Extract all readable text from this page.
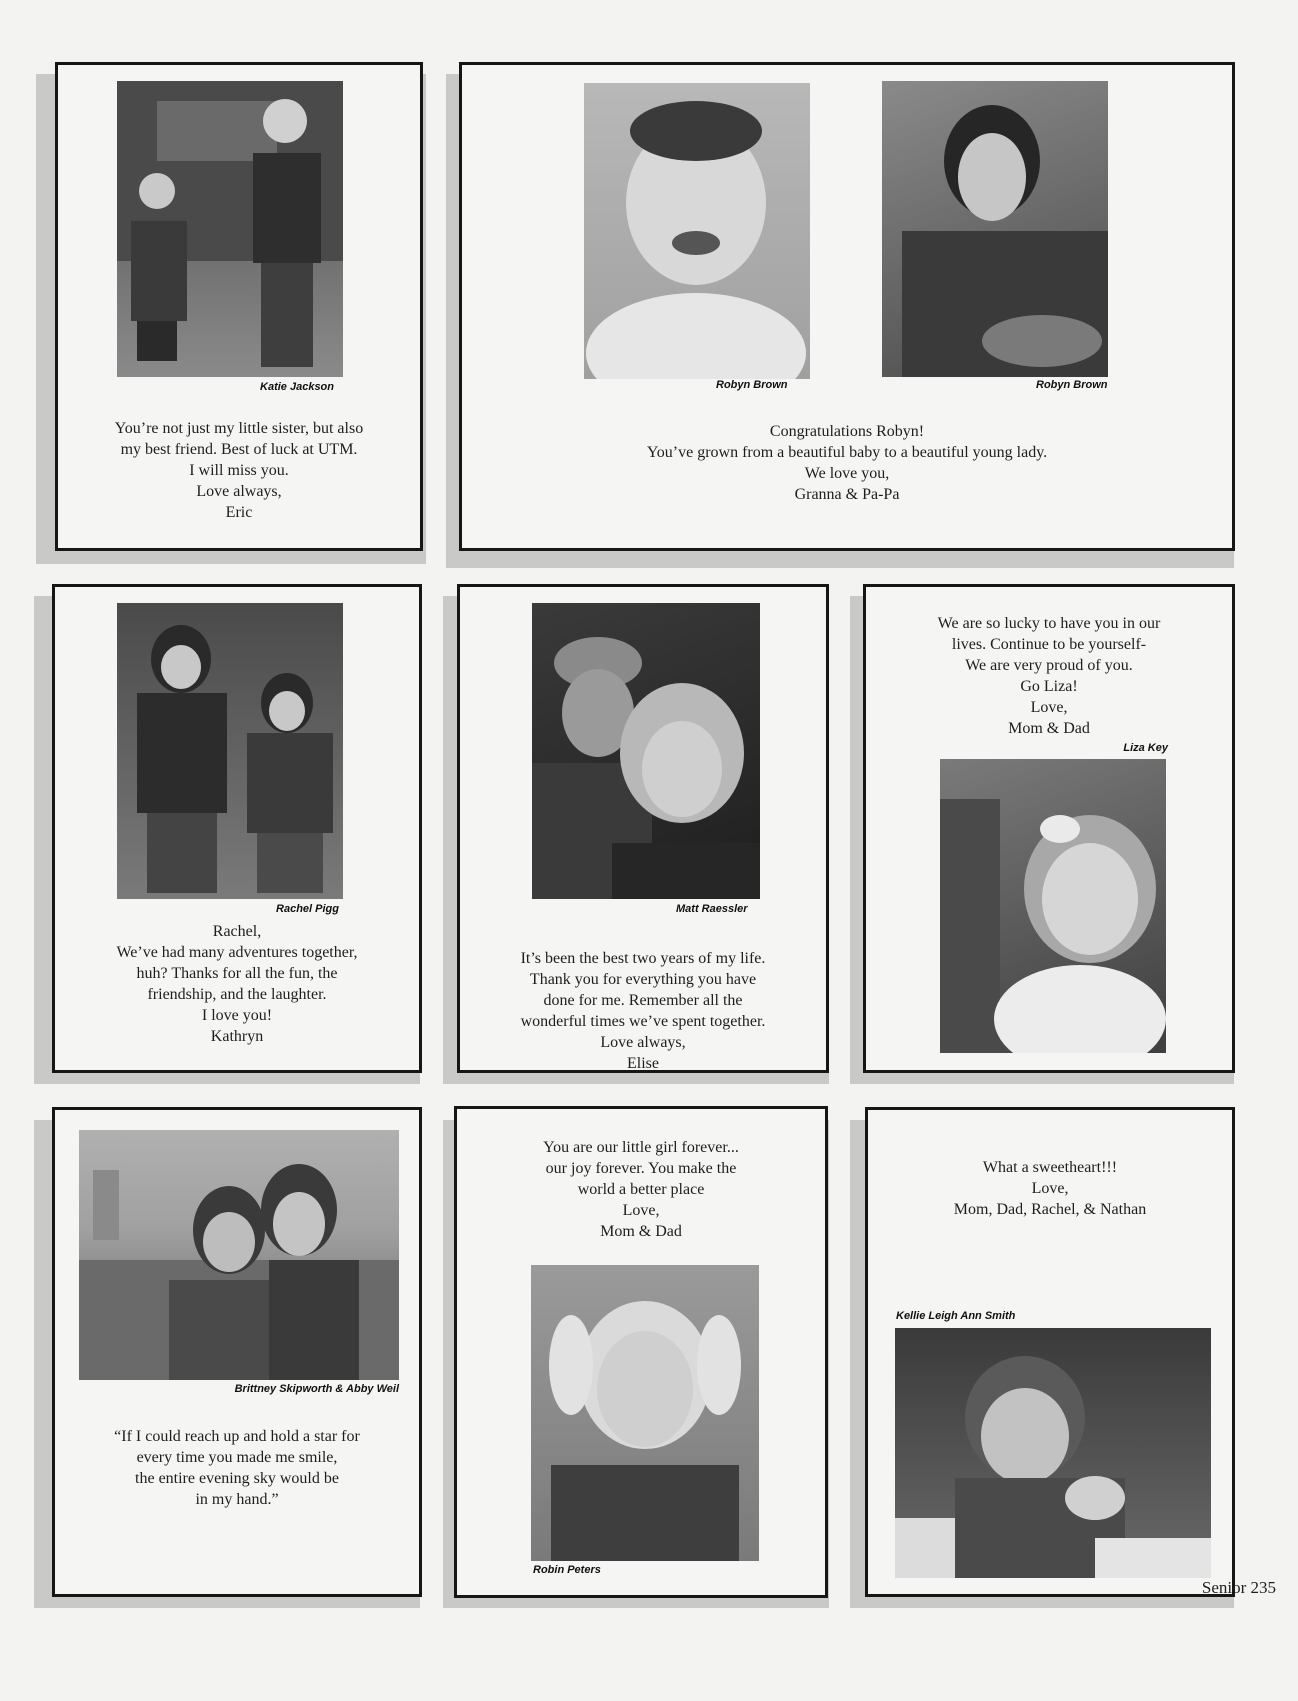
Katie Jackson
You’re not just my little sister, but also
my best friend. Best of luck at UTM.
I will miss you.
Love always,
Eric
Robyn Brown	Robyn Brown
Congratulations Robyn!
You’ve grown from a beautiful baby to a beautiful young lady.
We love you,
Granna & Pa-Pa
Rachel Pigg
Rachel,
We’ve had many adventures together,
huh? Thanks for all the fun, the
friendship, and the laughter.
I love you!
Kathryn
Matt Raessler
It’s been the best two years of my life.
Thank you for everything you have
done for me. Remember all the
wonderful times we’ve spent together.
Love always,
Elise
We are so lucky to have you in our
lives. Continue to be yourself-
We are very proud of you.
Go Liza!
Love,
Mom & Dad
Liza Key
Brittney Skipworth & Abby Weil
“If I could reach up and hold a star for
every time you made me smile,
the entire evening sky would be
in my hand.”
You are our little girl forever...
our joy forever. You make the
world a better place
Love,
Mom & Dad
Robin Peters
What a sweetheart!!!
Love,
Mom, Dad, Rachel, & Nathan
Kellie Leigh Ann Smith
Senior 235
